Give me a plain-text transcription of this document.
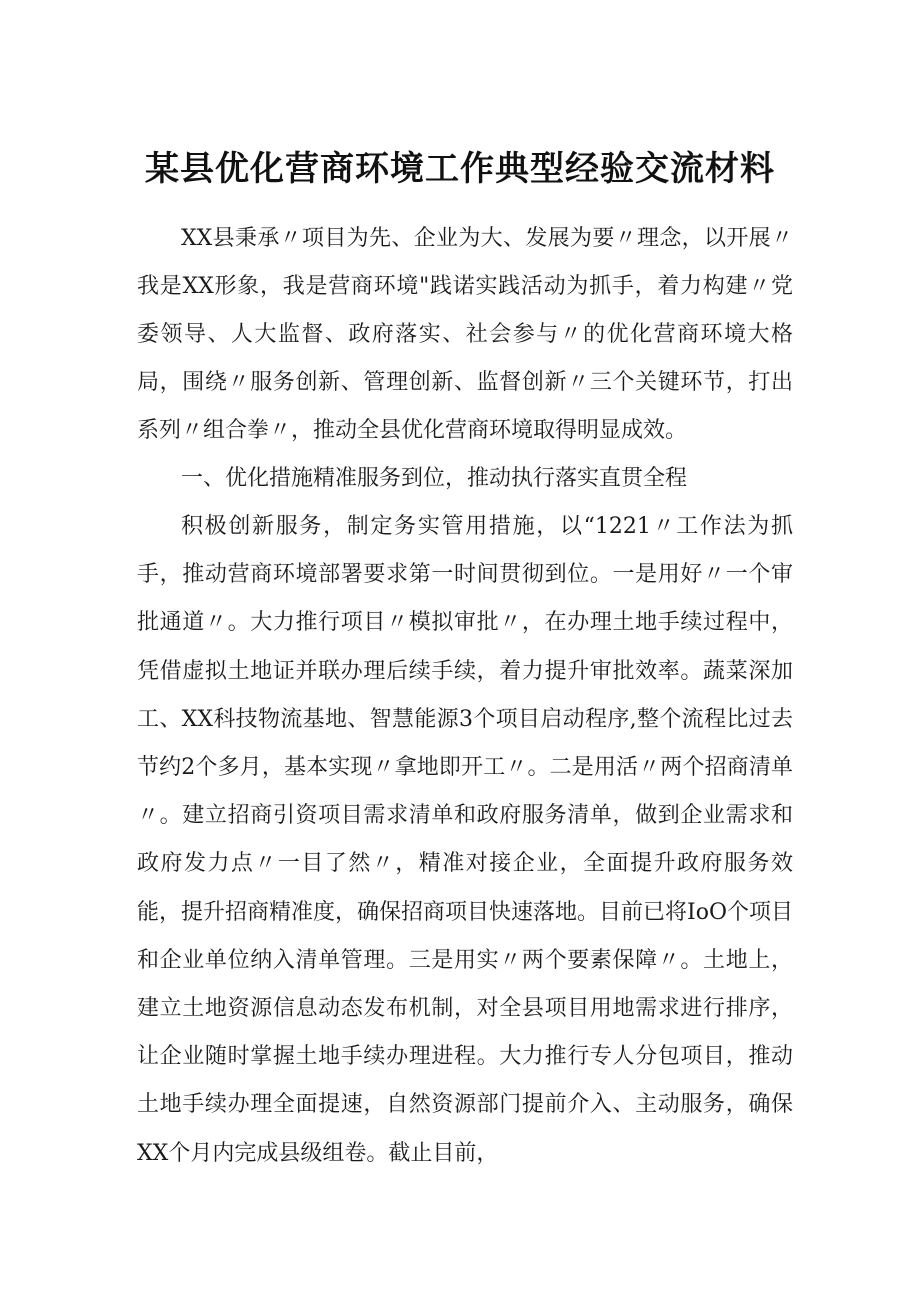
某县优化营商环境工作典型经验交流材料
XX县秉承〃项目为先、企业为大、发展为要〃理念，以开展〃我是XX形象，我是营商环境"践诺实践活动为抓手，着力构建〃党委领导、人大监督、政府落实、社会参与〃的优化营商环境大格局，围绕〃服务创新、管理创新、监督创新〃三个关键环节，打出系列〃组合拳〃，推动全县优化营商环境取得明显成效。
一、优化措施精准服务到位，推动执行落实直贯全程
积极创新服务，制定务实管用措施，以“1221〃工作法为抓手，推动营商环境部署要求第一时间贯彻到位。一是用好〃一个审批通道〃。大力推行项目〃模拟审批〃，在办理土地手续过程中，凭借虚拟土地证并联办理后续手续，着力提升审批效率。蔬菜深加工、XX科技物流基地、智慧能源3个项目启动程序,整个流程比过去节约2个多月，基本实现〃拿地即开工〃。二是用活〃两个招商清单〃。建立招商引资项目需求清单和政府服务清单，做到企业需求和政府发力点〃一目了然〃，精准对接企业，全面提升政府服务效能，提升招商精准度，确保招商项目快速落地。目前已将IoO个项目和企业单位纳入清单管理。三是用实〃两个要素保障〃。土地上，建立土地资源信息动态发布机制，对全县项目用地需求进行排序，让企业随时掌握土地手续办理进程。大力推行专人分包项目，推动土地手续办理全面提速，自然资源部门提前介入、主动服务，确保XX个月内完成县级组卷。截止目前，
